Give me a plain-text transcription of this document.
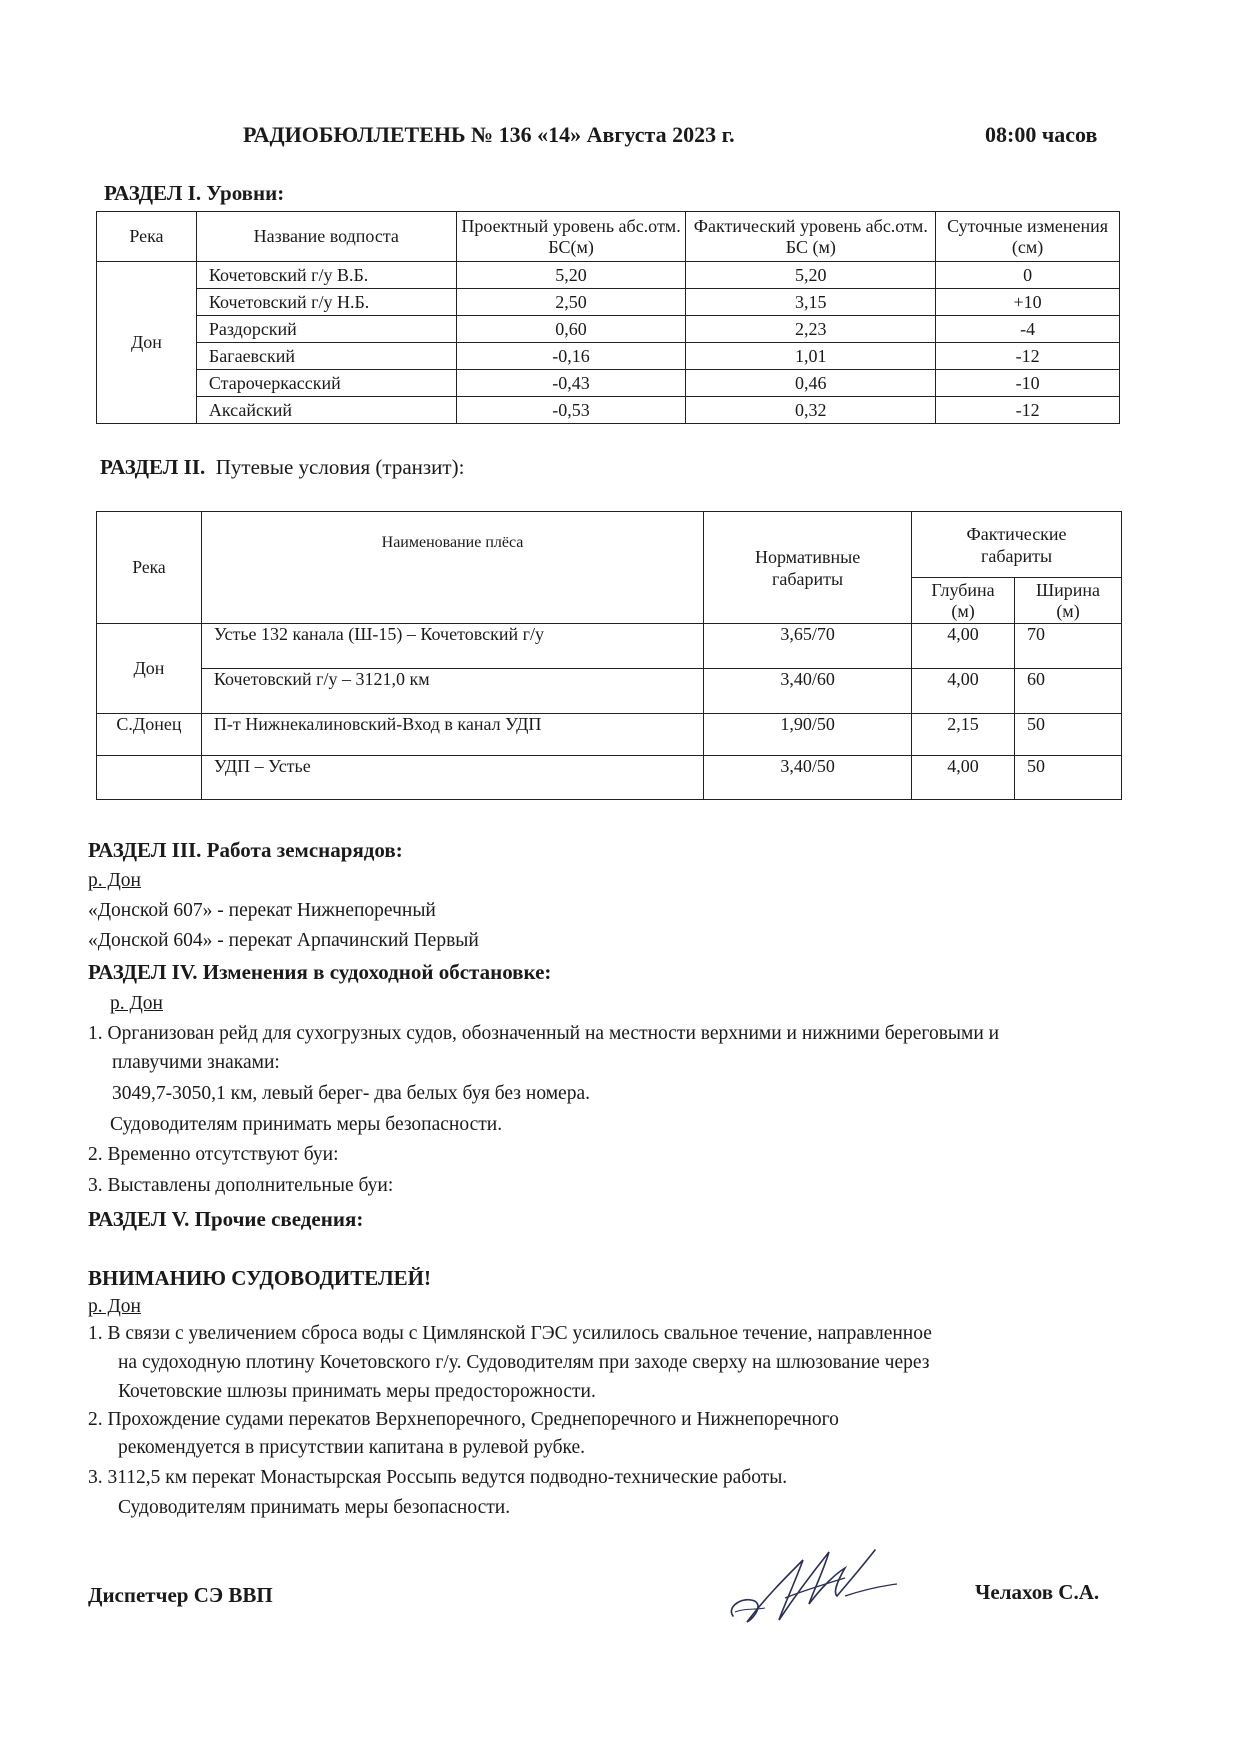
РАДИОБЮЛЛЕТЕНЬ № 136 «14» Августа 2023 г.	08:00 часов
РАЗДЕЛ I. Уровни:
Река	Название водпоста	Проектный уровень абс.отм. БС(м)	Фактический уровень абс.отм. БС (м)	Суточные изменения (см)
Дон	Кочетовский г/у В.Б.	5,20	5,20	0
	Кочетовский г/у Н.Б.	2,50	3,15	+10
	Раздорский	0,60	2,23	-4
	Багаевский	-0,16	1,01	-12
	Старочеркасский	-0,43	0,46	-10
	Аксайский	-0,53	0,32	-12
РАЗДЕЛ II. Путевые условия (транзит):
Река	Наименование плёса	Нормативные габариты	Фактические габариты	
			Глубина (м)	Ширина (м)
Дон	Устье 132 канала (Ш-15) – Кочетовский г/у	3,65/70	4,00	70
	Кочетовский г/у – 3121,0 км	3,40/60	4,00	60
С.Донец	П-т Нижнекалиновский-Вход в канал УДП	1,90/50	2,15	50
	УДП – Устье	3,40/50	4,00	50
РАЗДЕЛ III. Работа земснарядов:
р. Дон
«Донской 607» - перекат Нижнепоречный
«Донской 604» - перекат Арпачинский Первый
РАЗДЕЛ IV. Изменения в судоходной обстановке:
р. Дон
1. Организован рейд для сухогрузных судов, обозначенный на местности верхними и нижними береговыми и
плавучими знаками:
3049,7-3050,1 км, левый берег- два белых буя без номера.
Судоводителям принимать меры безопасности.
2. Временно отсутствуют буи:
3. Выставлены дополнительные буи:
РАЗДЕЛ V. Прочие сведения:
ВНИМАНИЮ СУДОВОДИТЕЛЕЙ!
р. Дон
1. В связи с увеличением сброса воды с Цимлянской ГЭС усилилось свальное течение, направленное
на судоходную плотину Кочетовского г/у. Судоводителям при заходе сверху на шлюзование через
Кочетовские шлюзы принимать меры предосторожности.
2. Прохождение судами перекатов Верхнепоречного, Среднепоречного и Нижнепоречного
рекомендуется в присутствии капитана в рулевой рубке.
3. 3112,5 км перекат Монастырская Россыпь ведутся подводно-технические работы.
Судоводителям принимать меры безопасности.
Диспетчер СЭ ВВП	Челахов С.А.
